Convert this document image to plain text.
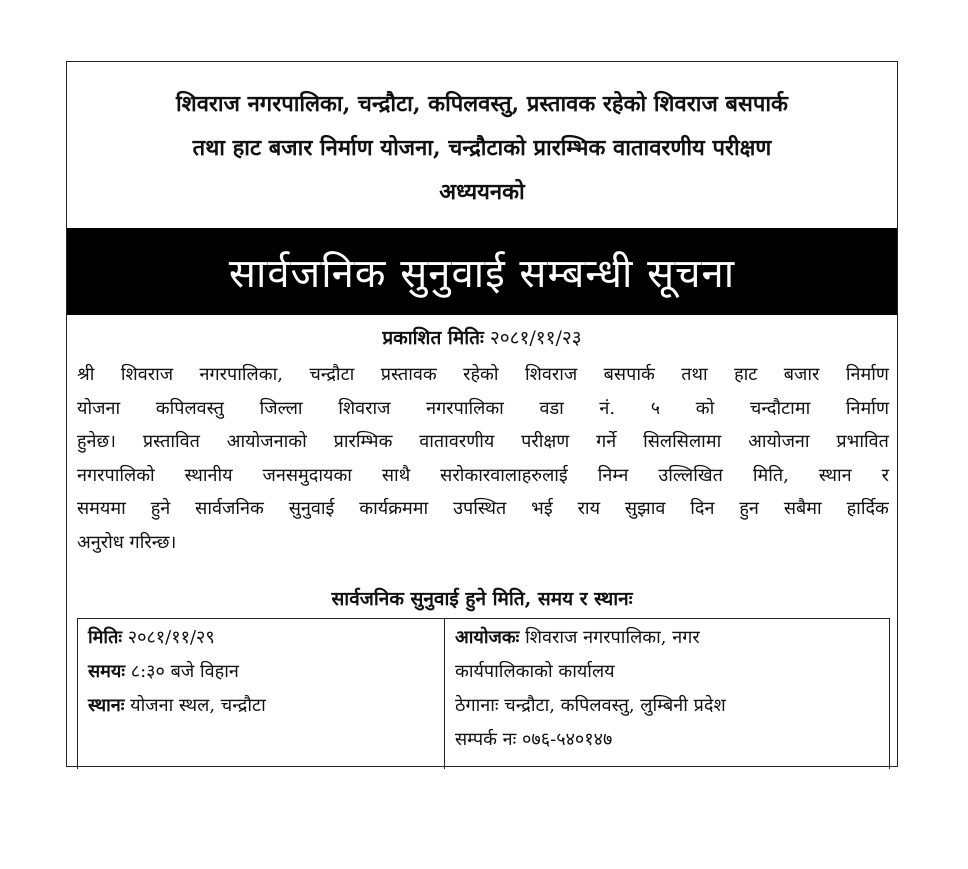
शिवराज नगरपालिका, चन्द्रौटा, कपिलवस्तु, प्रस्तावक रहेको शिवराज बसपार्क
तथा हाट बजार निर्माण योजना, चन्द्रौटाको प्रारम्भिक वातावरणीय परीक्षण
अध्ययनको
सार्वजनिक सुनुवाई सम्बन्धी सूचना
प्रकाशित मितिः २०८१/११/२३
श्री शिवराज नगरपालिका, चन्द्रौटा प्रस्तावक रहेको शिवराज बसपार्क तथा हाट बजार निर्माण
योजना कपिलवस्तु जिल्ला शिवराज नगरपालिका वडा नं. ५ को चन्दौटामा निर्माण
हुनेछ। प्रस्तावित आयोजनाको प्रारम्भिक वातावरणीय परीक्षण गर्ने सिलसिलामा आयोजना प्रभावित
नगरपालिको स्थानीय जनसमुदायका साथै सरोकारवालाहरुलाई निम्न उल्लिखित मिति, स्थान र
समयमा हुने सार्वजनिक सुनुवाई कार्यक्रममा उपस्थित भई राय सुझाव दिन हुन सबैमा हार्दिक
अनुरोध गरिन्छ।
सार्वजनिक सुनुवाई हुने मिति, समय र स्थानः
मितिः २०८१/११/२९
समयः ८:३० बजे विहान
स्थानः योजना स्थल, चन्द्रौटा
आयोजकः शिवराज नगरपालिका, नगर
कार्यपालिकाको कार्यालय
ठेगानाः चन्द्रौटा, कपिलवस्तु, लुम्बिनी प्रदेश
सम्पर्क नः ०७६-५४०१४७
